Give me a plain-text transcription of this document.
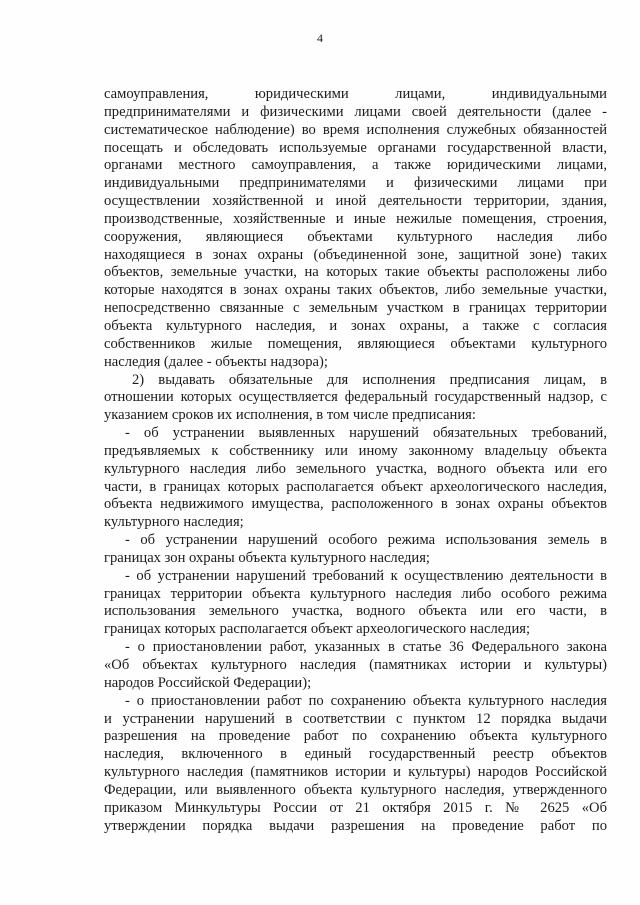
4
самоуправления, юридическими лицами, индивидуальными
предпринимателями и физическими лицами своей деятельности (далее -
систематическое наблюдение) во время исполнения служебных обязанностей
посещать и обследовать используемые органами государственной власти,
органами местного самоуправления, а также юридическими лицами,
индивидуальными предпринимателями и физическими лицами при
осуществлении хозяйственной и иной деятельности территории, здания,
производственные, хозяйственные и иные нежилые помещения, строения,
сооружения, являющиеся объектами культурного наследия либо
находящиеся в зонах охраны (объединенной зоне, защитной зоне) таких
объектов, земельные участки, на которых такие объекты расположены либо
которые находятся в зонах охраны таких объектов, либо земельные участки,
непосредственно связанные с земельным участком в границах территории
объекта культурного наследия, и зонах охраны, а также с согласия
собственников жилые помещения, являющиеся объектами культурного
наследия (далее - объекты надзора);
2) выдавать обязательные для исполнения предписания лицам, в
отношении которых осуществляется федеральный государственный надзор, с
указанием сроков их исполнения, в том числе предписания:
- об устранении выявленных нарушений обязательных требований,
предъявляемых к собственнику или иному законному владельцу объекта
культурного наследия либо земельного участка, водного объекта или его
части, в границах которых располагается объект археологического наследия,
объекта недвижимого имущества, расположенного в зонах охраны объектов
культурного наследия;
- об устранении нарушений особого режима использования земель в
границах зон охраны объекта культурного наследия;
- об устранении нарушений требований к осуществлению деятельности в
границах территории объекта культурного наследия либо особого режима
использования земельного участка, водного объекта или его части, в
границах которых располагается объект археологического наследия;
- о приостановлении работ, указанных в статье 36 Федерального закона
«Об объектах культурного наследия (памятниках истории и культуры)
народов Российской Федерации);
- о приостановлении работ по сохранению объекта культурного наследия
и устранении нарушений в соответствии с пунктом 12 порядка выдачи
разрешения на проведение работ по сохранению объекта культурного
наследия, включенного в единый государственный реестр объектов
культурного наследия (памятников истории и культуры) народов Российской
Федерации, или выявленного объекта культурного наследия, утвержденного
приказом Минкультуры России от 21 октября 2015 г. № 2625 «Об
утверждении порядка выдачи разрешения на проведение работ по
